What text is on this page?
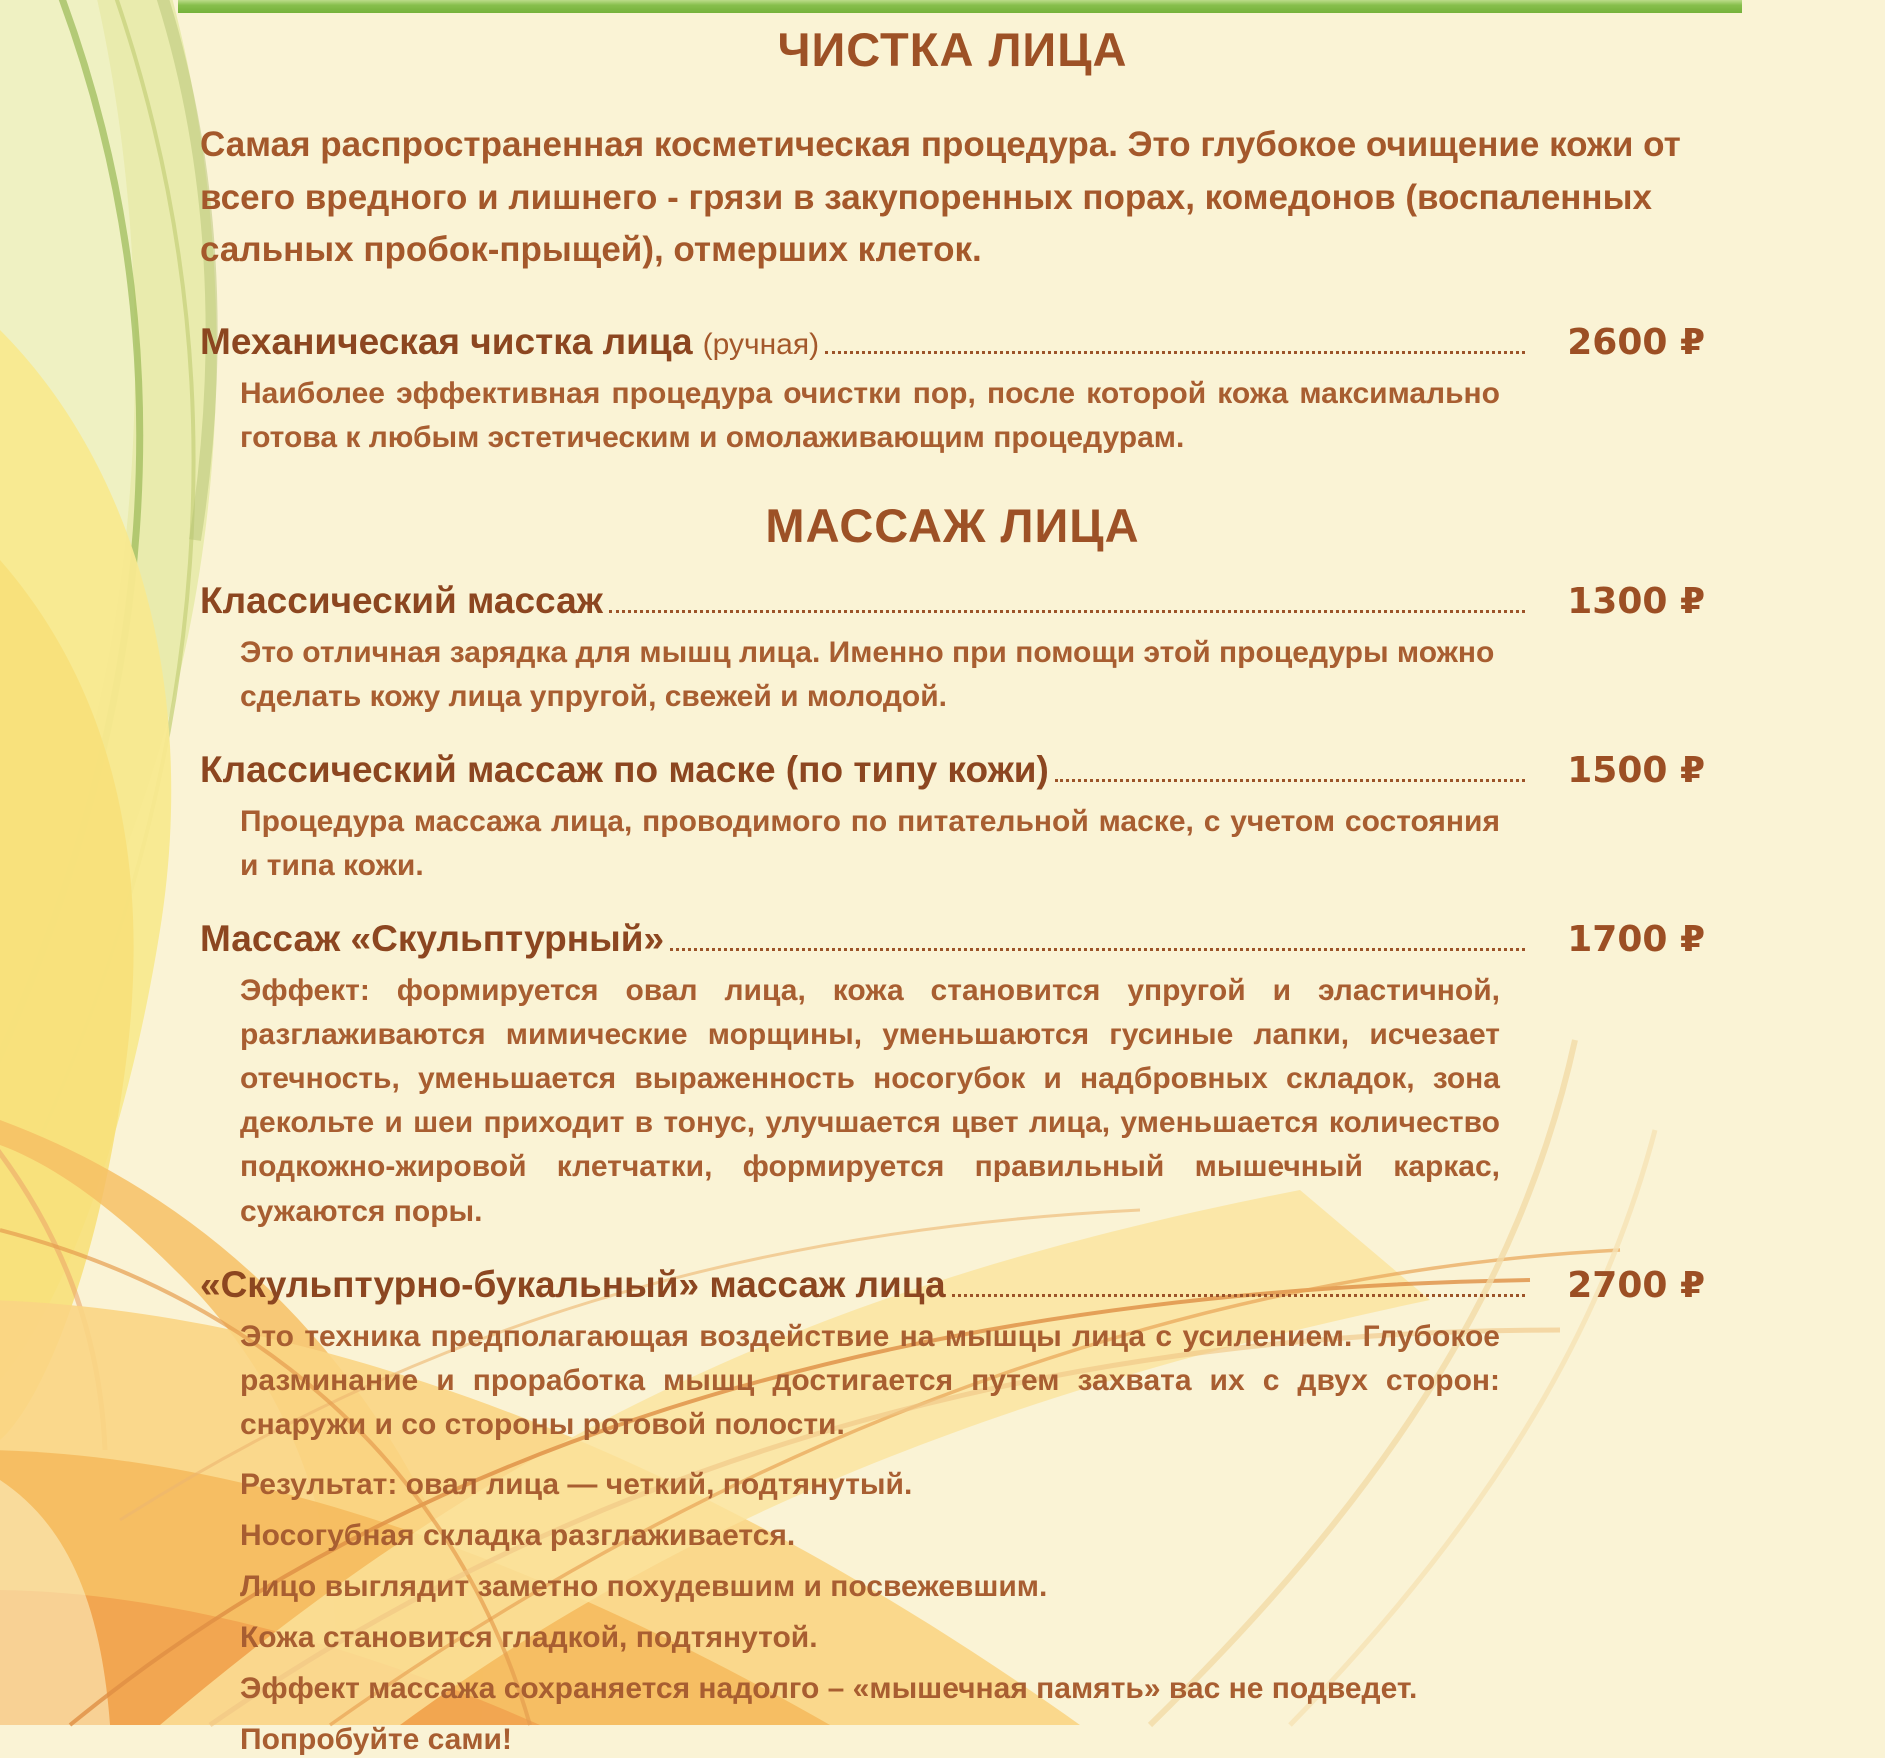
ЧИСТКА ЛИЦА

Самая распространенная косметическая процедура. Это глубокое очищение кожи от всего вредного и лишнего - грязи в закупоренных порах, комедонов (воспаленных сальных пробок-прыщей), отмерших клеток.

Механическая чистка лица (ручная)	2600 ₽

Наиболее эффективная процедура очистки пор, после которой кожа максимально готова к любым эстетическим и омолаживающим процедурам.

МАССАЖ ЛИЦА
Классический массаж	1300 ₽

Это отличная зарядка для мышц лица. Именно при помощи этой процедуры можно сделать кожу лица упругой, свежей и молодой.

Классический массаж по маске (по типу кожи)	1500 ₽

Процедура массажа лица, проводимого по питательной маске, с учетом состояния и типа кожи.

Массаж «Скульптурный»	1700 ₽

Эффект: формируется овал лица, кожа становится упругой и эластичной, разглаживаются мимические морщины, уменьшаются гусиные лапки, исчезает отечность, уменьшается выраженность носогубок и надбровных складок, зона декольте и шеи приходит в тонус, улучшается цвет лица, уменьшается количество подкожно-жировой клетчатки, формируется правильный мышечный каркас, сужаются поры.

«Скульптурно-букальный» массаж лица	2700 ₽

Это техника предполагающая воздействие на мышцы лица с усилением. Глубокое разминание и проработка мышц достигается путем захвата их с двух сторон: снаружи и со стороны ротовой полости.

Результат: овал лица — четкий, подтянутый.

Носогубная складка разглаживается.

Лицо выглядит заметно похудевшим и посвежевшим.

Кожа становится гладкой, подтянутой.

Эффект массажа сохраняется надолго – «мышечная память» вас не подведет.

Попробуйте сами!
